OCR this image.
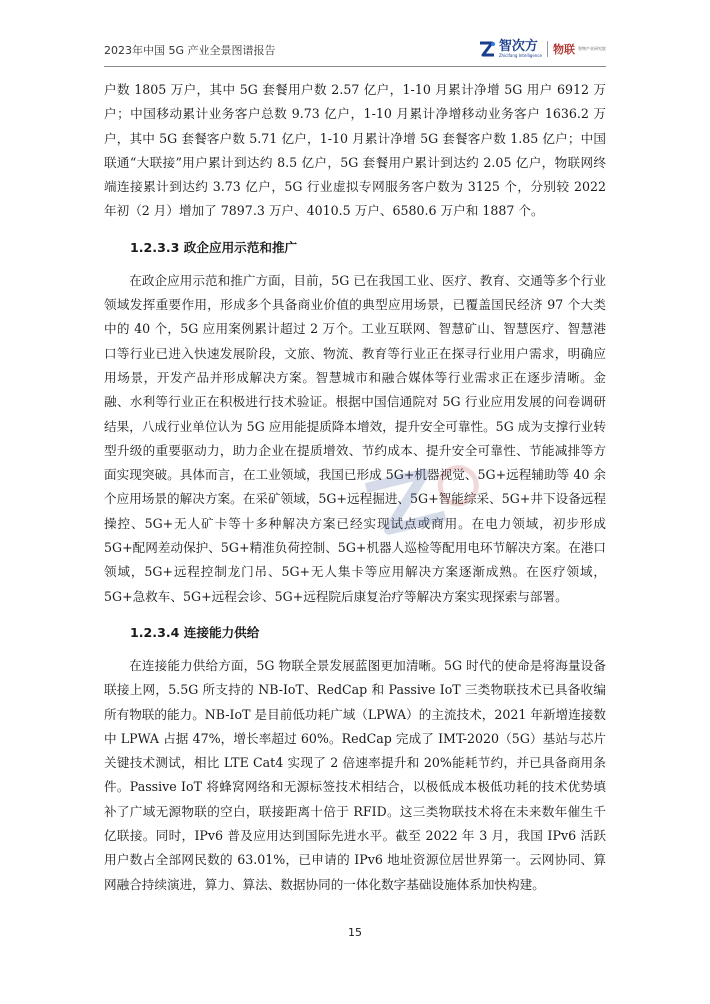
2023年中国 5G 产业全景图谱报告	智次方
Zhicifang Intelligence 物联 智物产业研究院

户数 1805 万户，其中 5G 套餐用户数 2.57 亿户，1-10 月累计净增 5G 用户 6912 万户；中国移动累计业务客户总数 9.73 亿户，1-10 月累计净增移动业务客户 1636.2 万户，其中 5G 套餐客户数 5.71 亿户，1-10 月累计净增 5G 套餐客户数 1.85 亿户；中国联通“大联接”用户累计到达约 8.5 亿户，5G 套餐用户累计到达约 2.05 亿户，物联网终端连接累计到达约 3.73 亿户，5G 行业虚拟专网服务客户数为 3125 个，分别较 2022 年初（2 月）增加了 7897.3 万户、4010.5 万户、6580.6 万户和 1887 个。

1.2.3.3 政企应用示范和推广

在政企应用示范和推广方面，目前，5G 已在我国工业、医疗、教育、交通等多个行业领域发挥重要作用，形成多个具备商业价值的典型应用场景，已覆盖国民经济 97 个大类中的 40 个，5G 应用案例累计超过 2 万个。工业互联网、智慧矿山、智慧医疗、智慧港口等行业已进入快速发展阶段，文旅、物流、教育等行业正在探寻行业用户需求，明确应用场景，开发产品并形成解决方案。智慧城市和融合媒体等行业需求正在逐步清晰。金融、水利等行业正在积极进行技术验证。根据中国信通院对 5G 行业应用发展的问卷调研结果，八成行业单位认为 5G 应用能提质降本增效，提升安全可靠性。5G 成为支撑行业转型升级的重要驱动力，助力企业在提质增效、节约成本、提升安全可靠性、节能减排等方面实现突破。具体而言，在工业领域，我国已形成 5G+机器视觉、5G+远程辅助等 40 余个应用场景的解决方案。在采矿领域，5G+远程掘进、5G+智能综采、5G+井下设备远程操控、5G+无人矿卡等十多种解决方案已经实现试点或商用。在电力领域，初步形成 5G+配网差动保护、5G+精准负荷控制、5G+机器人巡检等配用电环节解决方案。在港口领域，5G+远程控制龙门吊、5G+无人集卡等应用解决方案逐渐成熟。在医疗领域，5G+急救车、5G+远程会诊、5G+远程院后康复治疗等解决方案实现探索与部署。

1.2.3.4 连接能力供给

在连接能力供给方面，5G 物联全景发展蓝图更加清晰。5G 时代的使命是将海量设备联接上网，5.5G 所支持的 NB-IoT、RedCap 和 Passive IoT 三类物联技术已具备收编所有物联的能力。NB-IoT 是目前低功耗广域（LPWA）的主流技术，2021 年新增连接数中 LPWA 占据 47%，增长率超过 60%。RedCap 完成了 IMT-2020（5G）基站与芯片关键技术测试，相比 LTE Cat4 实现了 2 倍速率提升和 20%能耗节约，并已具备商用条件。Passive IoT 将蜂窝网络和无源标签技术相结合，以极低成本极低功耗的技术优势填补了广域无源物联的空白，联接距离十倍于 RFID。这三类物联技术将在未来数年催生千亿联接。同时，IPv6 普及应用达到国际先进水平。截至 2022 年 3 月，我国 IPv6 活跃用户数占全部网民数的 63.01%，已申请的 IPv6 地址资源位居世界第一。云网协同、算网融合持续演进，算力、算法、数据协同的一体化数字基础设施体系加快构建。

15
